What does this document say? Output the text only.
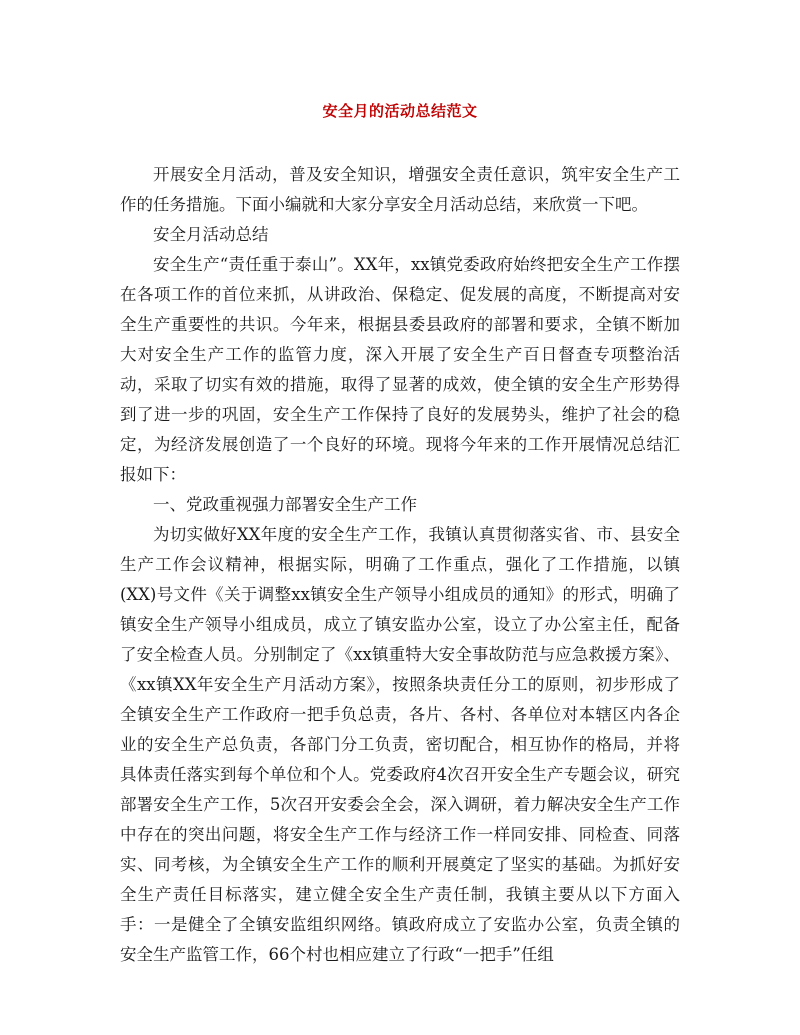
安全月的活动总结范文

开展安全月活动，普及安全知识，增强安全责任意识，筑牢安全生产工作的任务措施。下面小编就和大家分享安全月活动总结，来欣赏一下吧。

安全月活动总结

安全生产“责任重于泰山”。XX年，xx镇党委政府始终把安全生产工作摆在各项工作的首位来抓，从讲政治、保稳定、促发展的高度，不断提高对安全生产重要性的共识。今年来，根据县委县政府的部署和要求，全镇不断加大对安全生产工作的监管力度，深入开展了安全生产百日督查专项整治活动，采取了切实有效的措施，取得了显著的成效，使全镇的安全生产形势得到了进一步的巩固，安全生产工作保持了良好的发展势头，维护了社会的稳定，为经济发展创造了一个良好的环境。现将今年来的工作开展情况总结汇报如下：

一、党政重视强力部署安全生产工作

为切实做好XX年度的安全生产工作，我镇认真贯彻落实省、市、县安全生产工作会议精神，根据实际，明确了工作重点，强化了工作措施，以镇(XX)号文件《关于调整xx镇安全生产领导小组成员的通知》的形式，明确了镇安全生产领导小组成员，成立了镇安监办公室，设立了办公室主任，配备了安全检查人员。分别制定了《xx镇重特大安全事故防范与应急救援方案》、《xx镇XX年安全生产月活动方案》，按照条块责任分工的原则，初步形成了全镇安全生产工作政府一把手负总责，各片、各村、各单位对本辖区内各企业的安全生产总负责，各部门分工负责，密切配合，相互协作的格局，并将具体责任落实到每个单位和个人。党委政府4次召开安全生产专题会议，研究部署安全生产工作，5次召开安委会全会，深入调研，着力解决安全生产工作中存在的突出问题，将安全生产工作与经济工作一样同安排、同检查、同落实、同考核，为全镇安全生产工作的顺利开展奠定了坚实的基础。为抓好安全生产责任目标落实，建立健全安全生产责任制，我镇主要从以下方面入手：一是健全了全镇安监组织网络。镇政府成立了安监办公室，负责全镇的安全生产监管工作，66个村也相应建立了行政“一把手”任组
